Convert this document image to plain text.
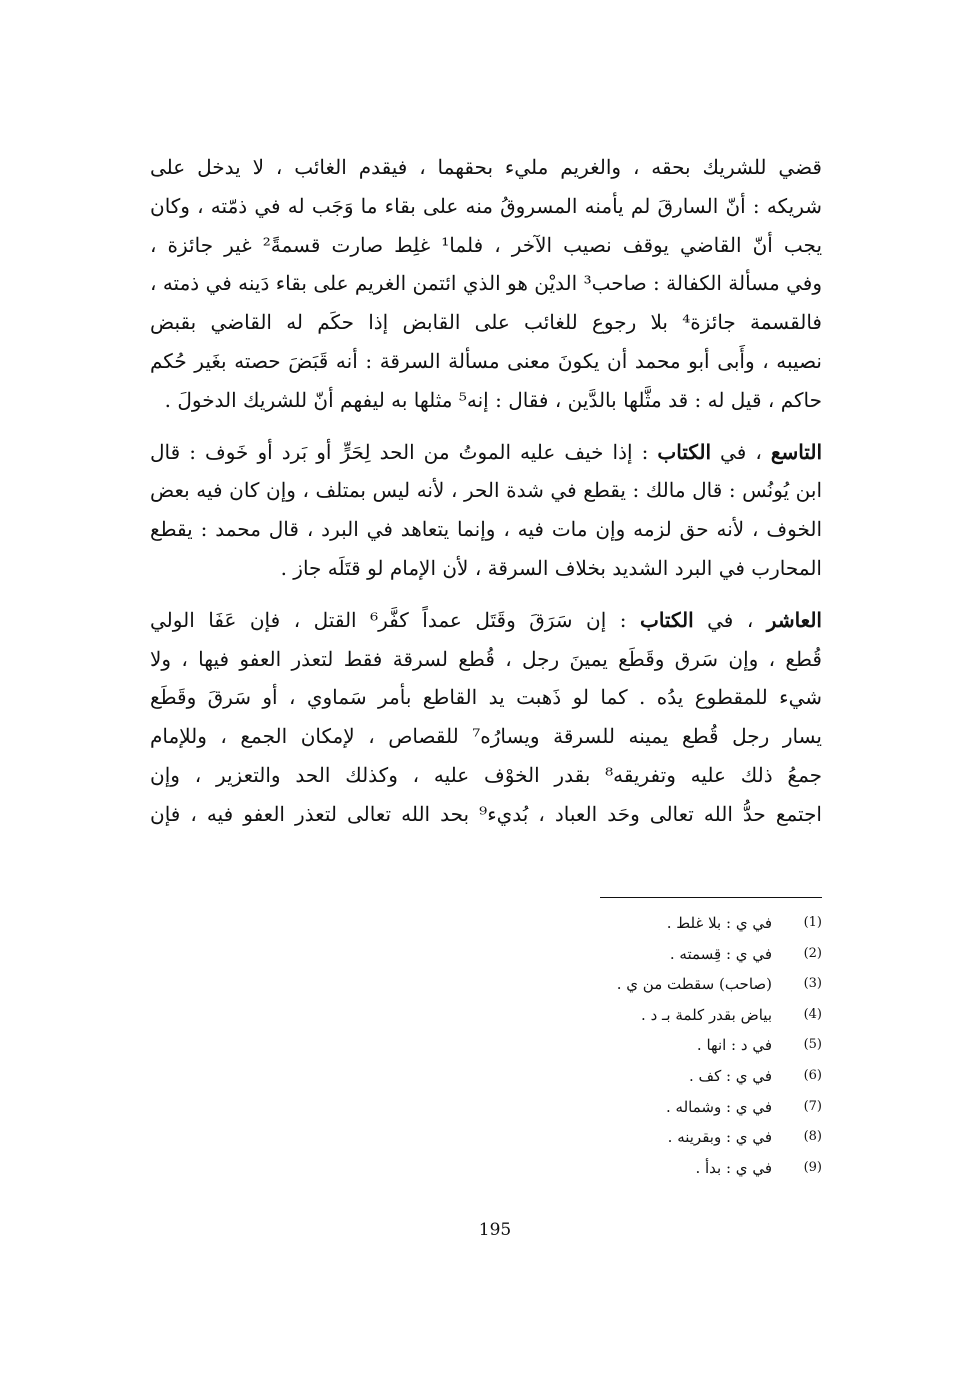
قضي للشريك بحقه ، والغريم مليء بحقهما ، فيقدم الغائب ، لا يدخل على
شريكه : أنّ السارقَ لم يأمنه المسروقُ منه على بقاء ما وَجَب له في ذمّته ، وكان
يجب أنّ القاضي يوقف نصيب الآخر ، فلما¹ غلِط صارت قسمةً² غير جائزة ،
وفي مسألة الكفالة : صاحب³ الديْن هو الذي ائتمن الغريم على بقاء دَينه في ذمته ،
فالقسمة جائزة⁴ بلا رجوع للغائب على القابض إذا حكَم له القاضي بقبض
نصيبه ، وأَبى أبو محمد أن يكونَ معنى مسألة السرقة : أنه قَبَضَ حصته بغَير حُكم
حاكم ، قيل له : قد مثَّلها بالدَّين ، فقال : إنه⁵ مثلها به ليفهم أنّ للشريك الدخولَ .
التاسع ، في الكتاب : إذا خيف عليه الموتُ من الحد لِحَرٍّ أو بَرد أو خَوف : قال
ابن يُونُس : قال مالك : يقطع في شدة الحر ، لأنه ليس بمتلف ، وإن كان فيه بعض
الخوف ، لأنه حق لزمه وإن مات فيه ، وإنما يتعاهد في البرد ، قال محمد : يقطع
المحارب في البرد الشديد بخلاف السرقة ، لأن الإمام لو قتَلَه جاز .
العاشر ، في الكتاب : إن سَرَقَ وقَتَل عمداً كفَّر⁶ القتل ، فإن عَفَا الولي
قُطع ، وإن سَرق وقَطَع يمينَ رجل ، قُطع لسرقة فقط لتعذر العفو فيها ، ولا
شيء للمقطوع يدُه . كما لو ذَهبت يد القاطع بأمر سَماوي ، أو سَرقَ وقَطَع
يسار رجل قُطع يمينه للسرقة ويسارُه⁷ للقصاص ، لإمكان الجمع ، وللإمام
جمعُ ذلك عليه وتفريقه⁸ بقدر الخوْف عليه ، وكذلك الحد والتعزير ، وإن
اجتمع حدُّ الله تعالى وحَد العباد ، بُديء⁹ بحد الله تعالى لتعذر العفو فيه ، فإن
(1)
في ي : بلا غلط .
(2)
في ي : قِسمته .
(3)
(صاحب) سقطت من ي .
(4)
بياض بقدر كلمة بـ د .
(5)
في د : انها .
(6)
في ي : كف .
(7)
في ي : وشماله .
(8)
في ي : وبقرينه .
(9)
في ي : بدأ .
195
